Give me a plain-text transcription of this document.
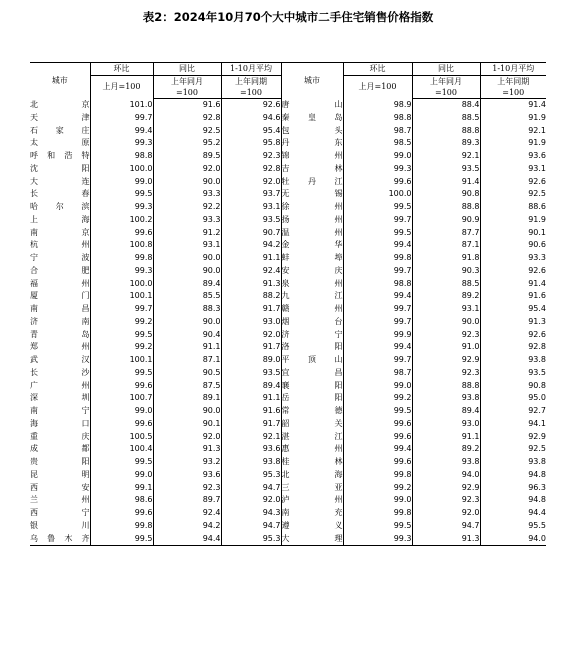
表2：2024年10月70个大中城市二手住宅销售价格指数
城市	环比	同比	1-10月平均	城市	环比	同比	1-10月平均
	上月=100	上年同月	上年同期		上月=100	上年同月	上年同期
		=100	=100			=100	=100
北京	101.0	91.6	92.6	唐山	98.9	88.4	91.4
天津	99.7	92.8	94.6	秦皇岛	98.8	88.5	91.9
石家庄	99.4	92.5	95.4	包头	98.7	88.8	92.1
太原	99.3	95.2	95.8	丹东	98.5	89.3	91.9
呼和浩特	98.8	89.5	92.3	锦州	99.0	92.1	93.6
沈阳	100.0	92.0	92.8	吉林	99.3	93.5	93.1
大连	99.0	90.0	92.0	牡丹江	99.6	91.4	92.6
长春	99.5	93.3	93.7	无锡	100.0	90.8	92.5
哈尔滨	99.3	92.2	93.1	徐州	99.5	88.8	88.6
上海	100.2	93.3	93.5	扬州	99.7	90.9	91.9
南京	99.6	91.2	90.7	温州	99.5	87.7	90.1
杭州	100.8	93.1	94.2	金华	99.4	87.1	90.6
宁波	99.8	90.0	91.1	蚌埠	99.8	91.8	93.3
合肥	99.3	90.0	92.4	安庆	99.7	90.3	92.6
福州	100.0	89.4	91.3	泉州	98.8	88.5	91.4
厦门	100.1	85.5	88.2	九江	99.4	89.2	91.6
南昌	99.7	88.3	91.7	赣州	99.7	93.1	95.4
济南	99.2	90.0	93.0	烟台	99.7	90.0	91.3
青岛	99.5	90.4	92.0	济宁	99.9	92.3	92.6
郑州	99.2	91.1	91.7	洛阳	99.4	91.0	92.8
武汉	100.1	87.1	89.0	平顶山	99.7	92.9	93.8
长沙	99.5	90.5	93.5	宜昌	98.7	92.3	93.5
广州	99.6	87.5	89.4	襄阳	99.0	88.8	90.8
深圳	100.7	89.1	91.1	岳阳	99.2	93.8	95.0
南宁	99.0	90.0	91.6	常德	99.5	89.4	92.7
海口	99.6	90.1	91.7	韶关	99.6	93.0	94.1
重庆	100.5	92.0	92.1	湛江	99.6	91.1	92.9
成都	100.4	91.3	93.6	惠州	99.4	89.2	92.5
贵阳	99.5	93.2	93.8	桂林	99.6	93.8	93.8
昆明	99.0	93.6	95.3	北海	99.8	94.0	94.8
西安	99.1	92.3	94.7	三亚	99.2	92.9	96.3
兰州	98.6	89.7	92.0	泸州	99.0	92.3	94.8
西宁	99.6	92.4	94.3	南充	99.8	92.0	94.4
银川	99.8	94.2	94.7	遵义	99.5	94.7	95.5
乌鲁木齐	99.5	94.4	95.3	大理	99.3	91.3	94.0
